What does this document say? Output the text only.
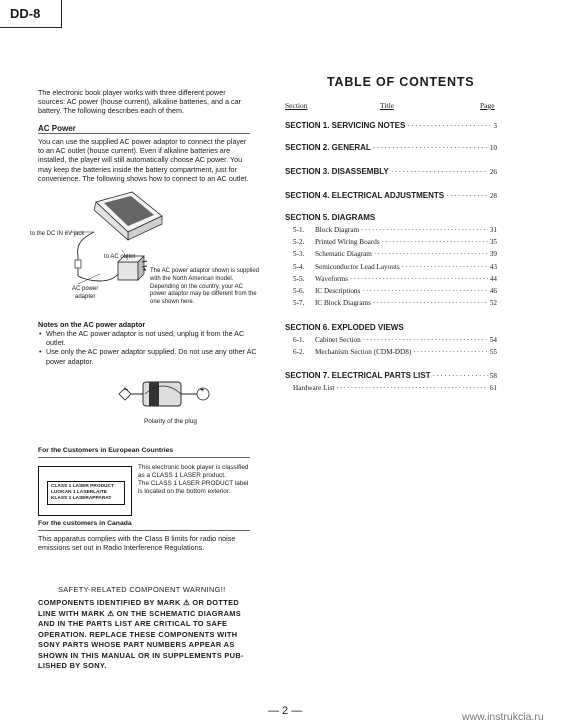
DD-8
The electronic book player works with three different power sources: AC power (house current), alkaline batteries, and a car battery. The following describes each of them.
AC Power
You can use the supplied AC power adaptor to connect the player to an AC outlet (house current). Even if alkaline batteries are installed, the player will still automatically choose AC power. You may keep the batteries inside the battery compartment, just for convenience. The following shows how to connect to an AC outlet.
to the DC IN 6V jack
to AC outlet
AC power
adapter
* The AC power adaptor shown is supplied with the North American model. Depending on the country, your AC power adaptor may be different from the one shown here.
Notes on the AC power adaptor
• When the AC power adaptor is not used, unplug it from the AC outlet.
• Use only the AC power adaptor supplied. Do not use any other AC power adaptor.
−	+
Polarity of the plug
For the Customers in European Countries
CLASS 1 LASER PRODUCT
LUOKAN 1 LASERLAITE
KLASS 1 LASERAPPARAT
This electronic book player is classified as a CLASS 1 LASER product.
The CLASS 1 LASER PRODUCT label is located on the bottom exterior.
For the customers in Canada
This apparatus complies with the Class B limits for radio noise emissions set out in Radio Interference Regulations.
SAFETY-RELATED COMPONENT WARNING!!
COMPONENTS IDENTIFIED BY MARK ⚠ OR DOTTED
LINE WITH MARK ⚠ ON THE SCHEMATIC DIAGRAMS
AND IN THE PARTS LIST ARE CRITICAL TO SAFE
OPERATION. REPLACE THESE COMPONENTS WITH
SONY PARTS WHOSE PART NUMBERS APPEAR AS
SHOWN IN THIS MANUAL OR IN SUPPLEMENTS PUB-
LISHED BY SONY.
TABLE OF CONTENTS
Section	Title	Page
SECTION 1. SERVICING NOTES ·····	3
SECTION 2. GENERAL ·····	10
SECTION 3. DISASSEMBLY ·····	26
SECTION 4. ELECTRICAL ADJUSTMENTS ·····	28
SECTION 5. DIAGRAMS
5-1.	Block Diagram ·····	31
5-2.	Printed Wiring Boards ·····	35
5-3.	Schematic Diagram ·····	39
5-4.	Semiconductor Lead Layouts ·····	43
5-5.	Waveforms ·····	44
5-6.	IC Descriptions ·····	46
5-7.	IC Block Diagrams ·····	52
SECTION 6. EXPLODED VIEWS
6-1.	Cabinet Section ·····	54
6-2.	Mechanism Section (CDM-DD8) ·····	55
SECTION 7. ELECTRICAL PARTS LIST ·····	58
Hardware List ·····	61
— 2 —	www.instrukcia.ru
